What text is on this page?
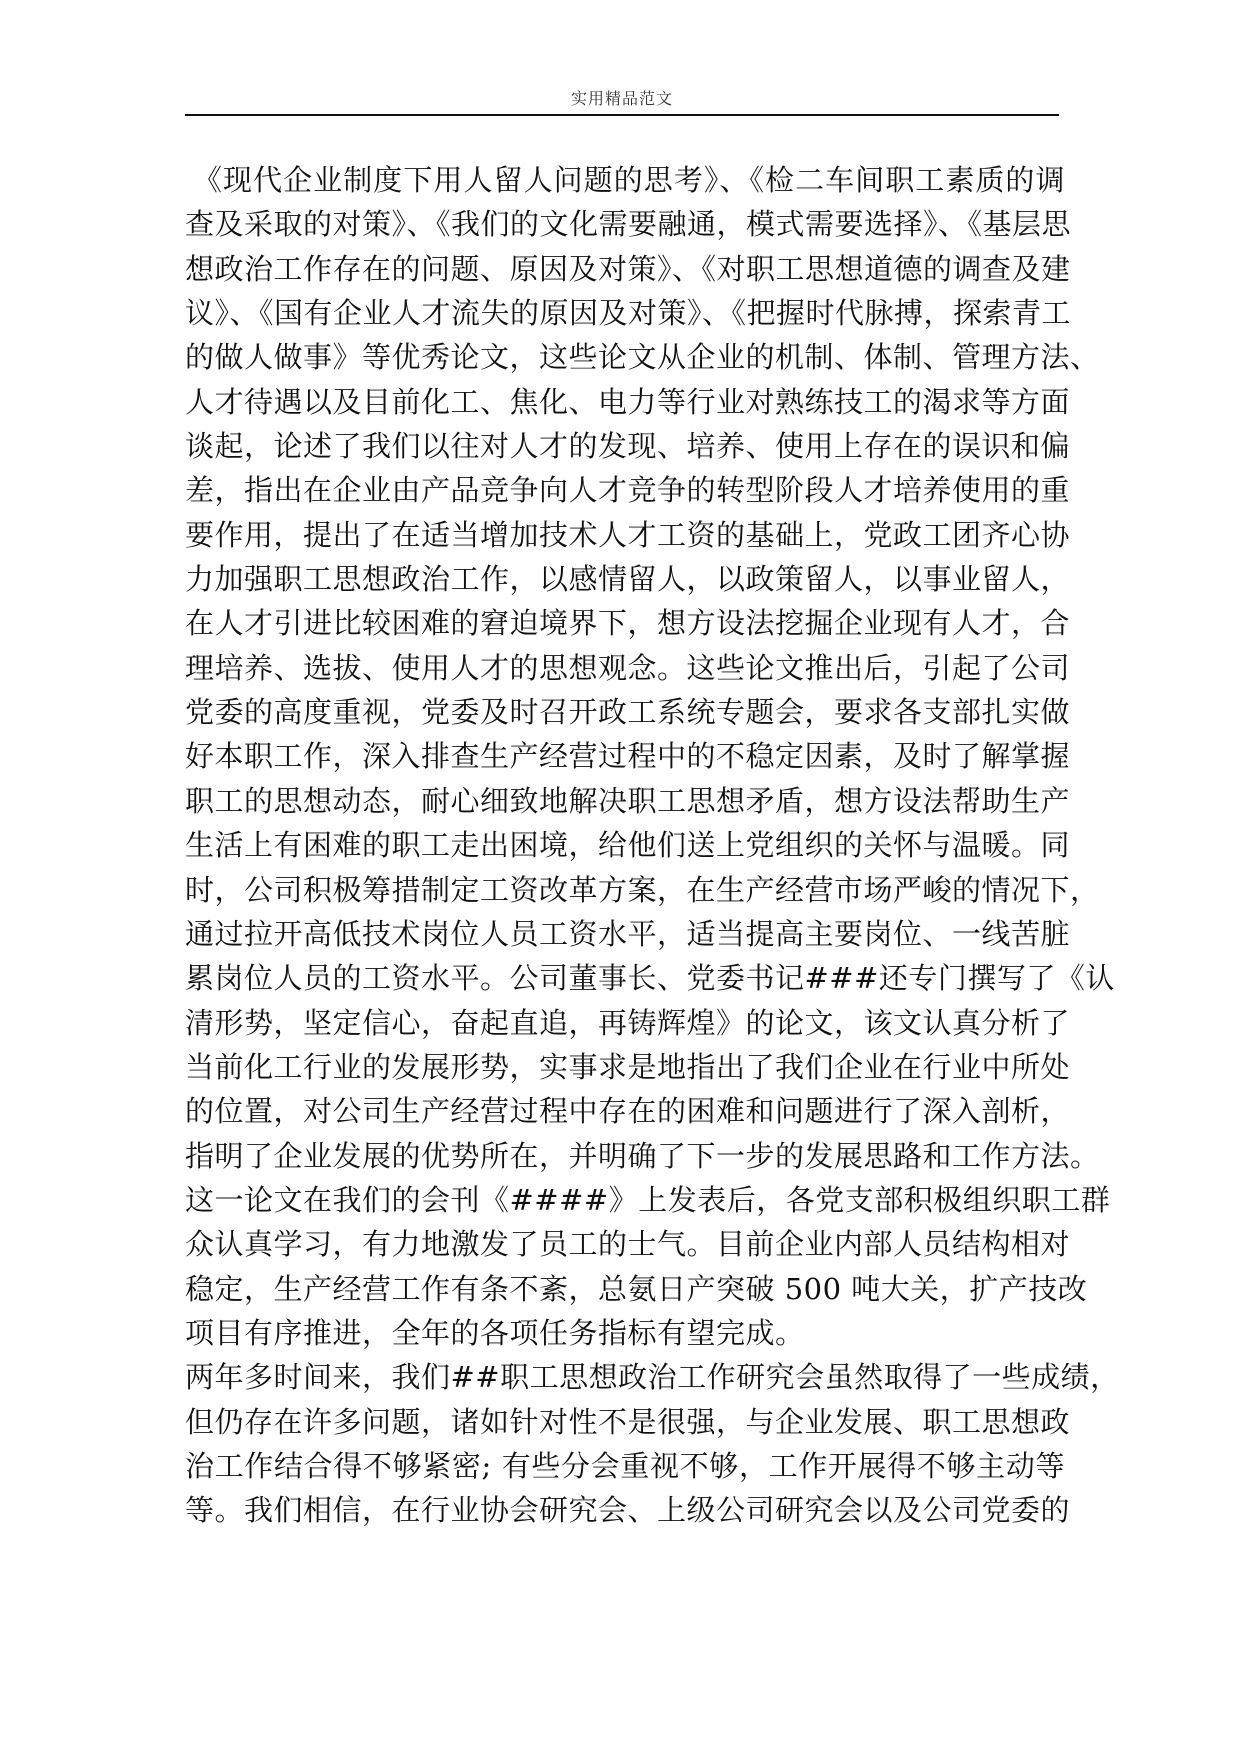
实用精品范文
《现代企业制度下用人留人问题的思考》、《检二车间职工素质的调
查及采取的对策》、《我们的文化需要融通，模式需要选择》、《基层思
想政治工作存在的问题、原因及对策》、《对职工思想道德的调查及建
议》、《国有企业人才流失的原因及对策》、《把握时代脉搏，探索青工
的做人做事》等优秀论文，这些论文从企业的机制、体制、管理方法、
人才待遇以及目前化工、焦化、电力等行业对熟练技工的渴求等方面
谈起，论述了我们以往对人才的发现、培养、使用上存在的误识和偏
差，指出在企业由产品竞争向人才竞争的转型阶段人才培养使用的重
要作用，提出了在适当增加技术人才工资的基础上，党政工团齐心协
力加强职工思想政治工作，以感情留人，以政策留人，以事业留人，
在人才引进比较困难的窘迫境界下，想方设法挖掘企业现有人才，合
理培养、选拔、使用人才的思想观念。这些论文推出后，引起了公司
党委的高度重视，党委及时召开政工系统专题会，要求各支部扎实做
好本职工作，深入排查生产经营过程中的不稳定因素，及时了解掌握
职工的思想动态，耐心细致地解决职工思想矛盾，想方设法帮助生产
生活上有困难的职工走出困境，给他们送上党组织的关怀与温暖。同
时，公司积极筹措制定工资改革方案，在生产经营市场严峻的情况下，
通过拉开高低技术岗位人员工资水平，适当提高主要岗位、一线苦脏
累岗位人员的工资水平。公司董事长、党委书记###还专门撰写了《认
清形势，坚定信心，奋起直追，再铸辉煌》的论文，该文认真分析了
当前化工行业的发展形势，实事求是地指出了我们企业在行业中所处
的位置，对公司生产经营过程中存在的困难和问题进行了深入剖析，
指明了企业发展的优势所在，并明确了下一步的发展思路和工作方法。
这一论文在我们的会刊《####》上发表后，各党支部积极组织职工群
众认真学习，有力地激发了员工的士气。目前企业内部人员结构相对
稳定，生产经营工作有条不紊，总氨日产突破 500 吨大关，扩产技改
项目有序推进，全年的各项任务指标有望完成。
两年多时间来，我们##职工思想政治工作研究会虽然取得了一些成绩，
但仍存在许多问题，诸如针对性不是很强，与企业发展、职工思想政
治工作结合得不够紧密; 有些分会重视不够，工作开展得不够主动等
等。我们相信，在行业协会研究会、上级公司研究会以及公司党委的
